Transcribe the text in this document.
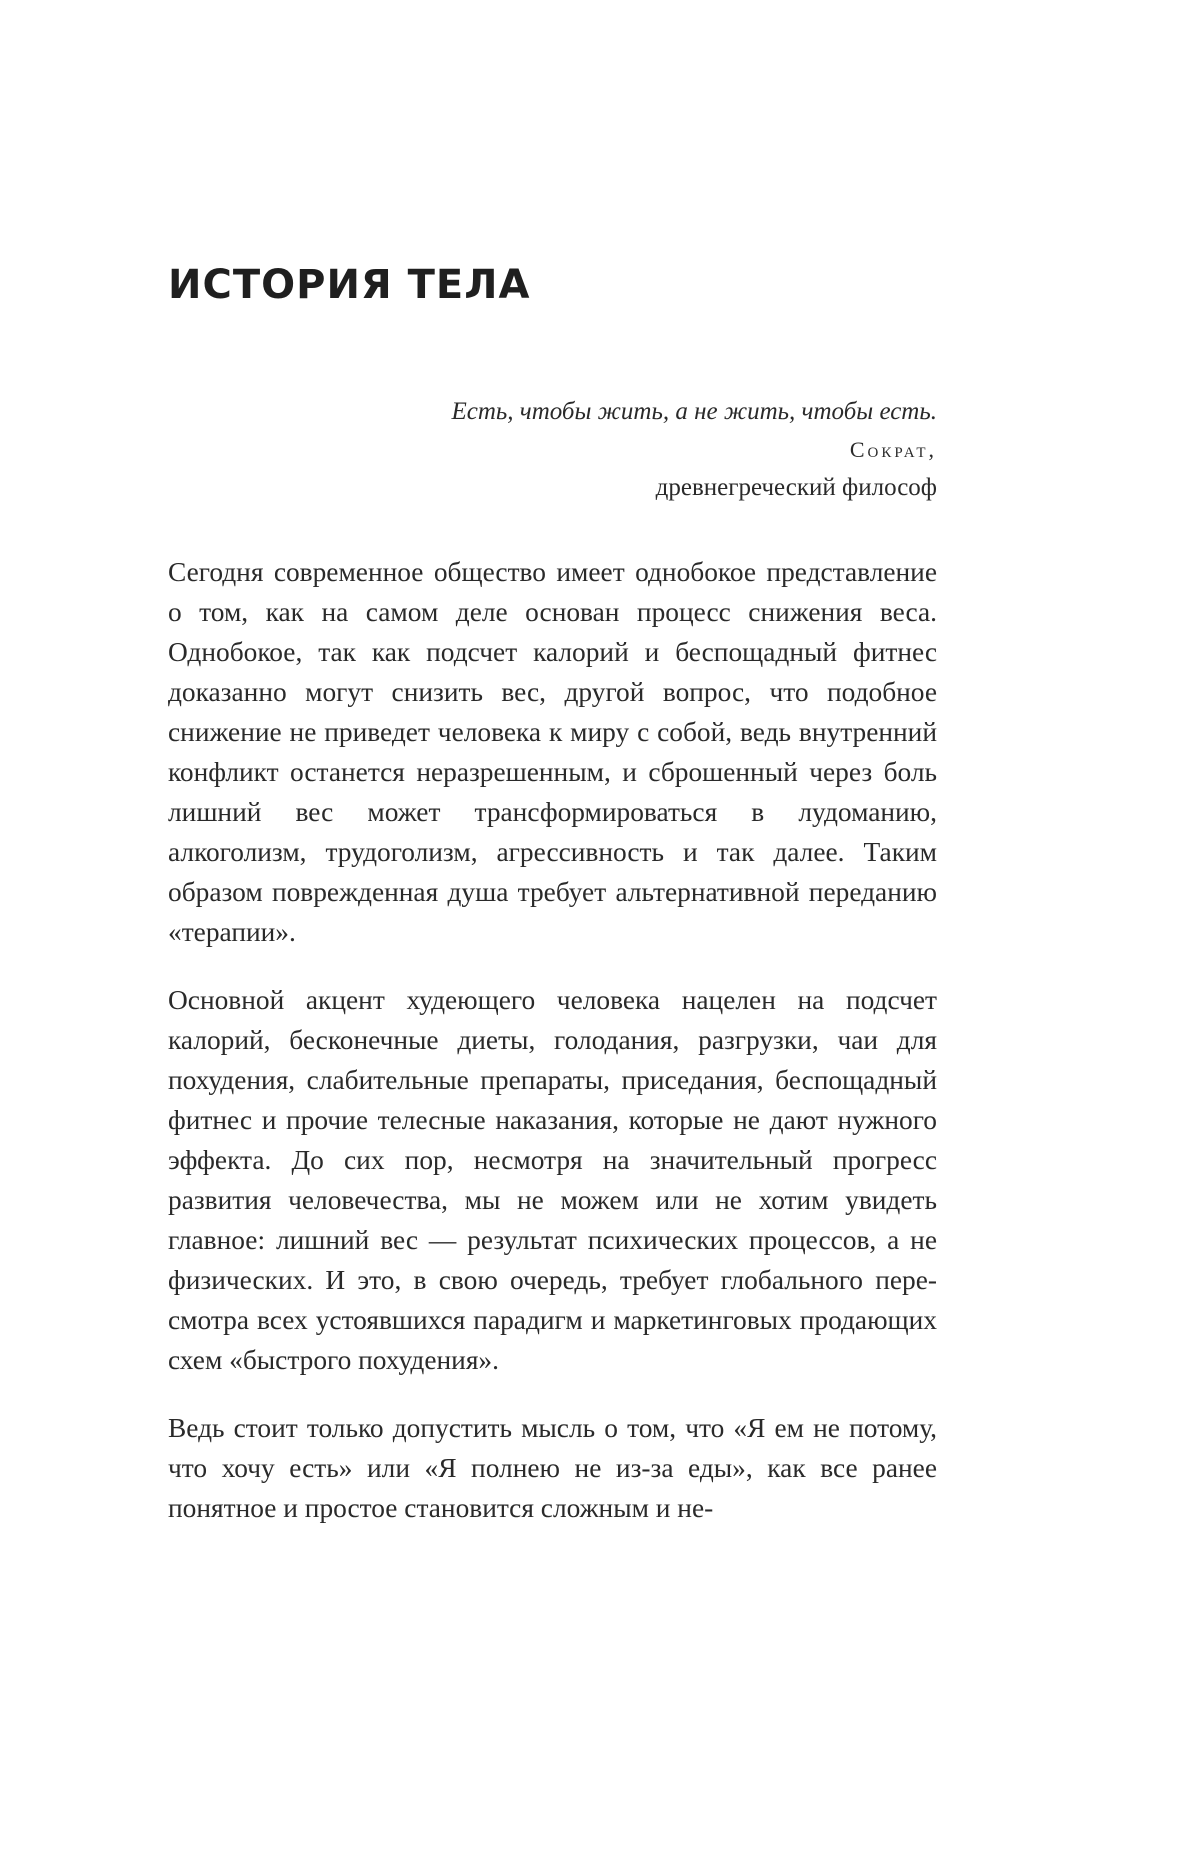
ИСТОРИЯ ТЕЛА

Есть, чтобы жить, а не жить, чтобы есть.

Сократ,

древнегреческий философ

Сегодня современное общество имеет однобокое представление о том, как на самом деле основан процесс снижения веса. Однобокое, так как подсчет калорий и беспощадный фитнес доказанно могут снизить вес, другой вопрос, что подобное снижение не приведет человека к миру с собой, ведь внутренний конфликт останется неразрешенным, и сброшенный через боль лишний вес может трансформироваться в лудоманию, алкоголизм, трудоголизм, агрессивность и так далее. Таким образом поврежденная душа требует альтернативной переданию «терапии».

Основной акцент худеющего человека нацелен на подсчет калорий, бесконечные диеты, голодания, разгрузки, чаи для похудения, слабительные препараты, приседания, беспощадный фитнес и прочие телесные наказания, которые не дают нужного эффекта. До сих пор, несмотря на значительный прогресс развития человечества, мы не можем или не хотим увидеть главное: лишний вес — результат психических процессов, а не физических. И это, в свою очередь, требует глобального пересмотра всех устоявшихся парадигм и маркетинговых продающих схем «быстрого похудения».

Ведь стоит только допустить мысль о том, что «Я ем не потому, что хочу есть» или «Я полнею не из-за еды», как все ранее понятное и простое становится сложным и не-
